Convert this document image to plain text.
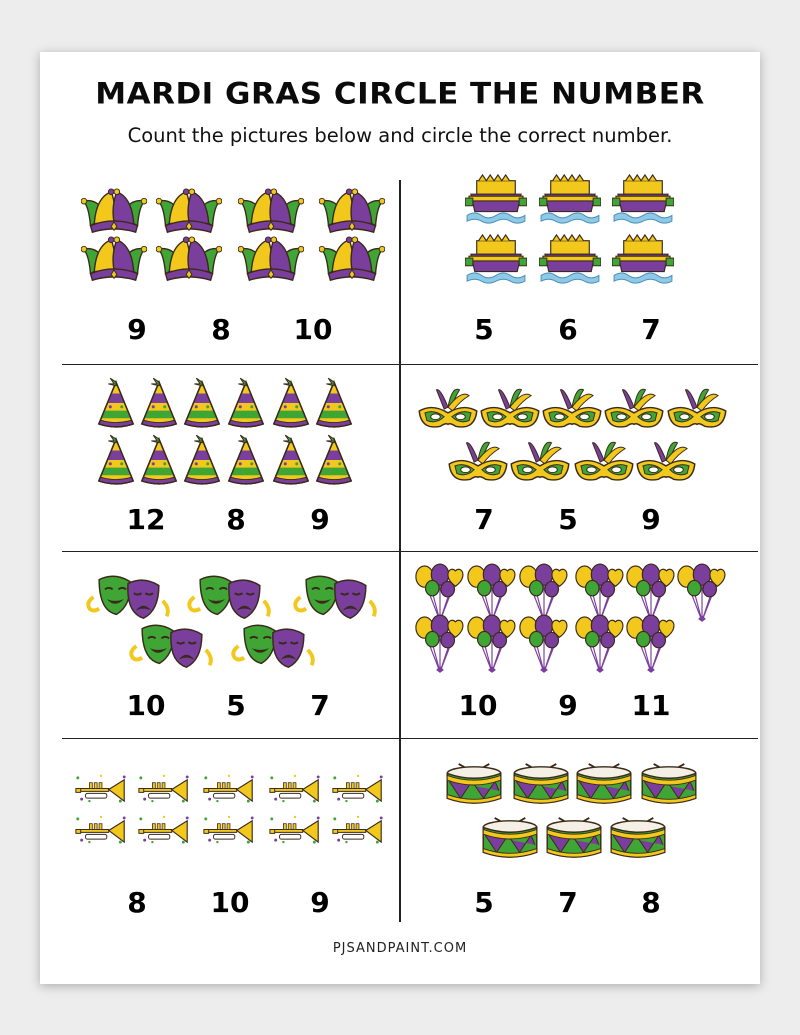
MARDI GRAS CIRCLE THE NUMBER
Count the pictures below and circle the correct number.
9	8	10	5	6	7
12	8	9	7	5	9
10	5	7	10	9	11
8	10	9	5	7	8
PJSANDPAINT.COM
